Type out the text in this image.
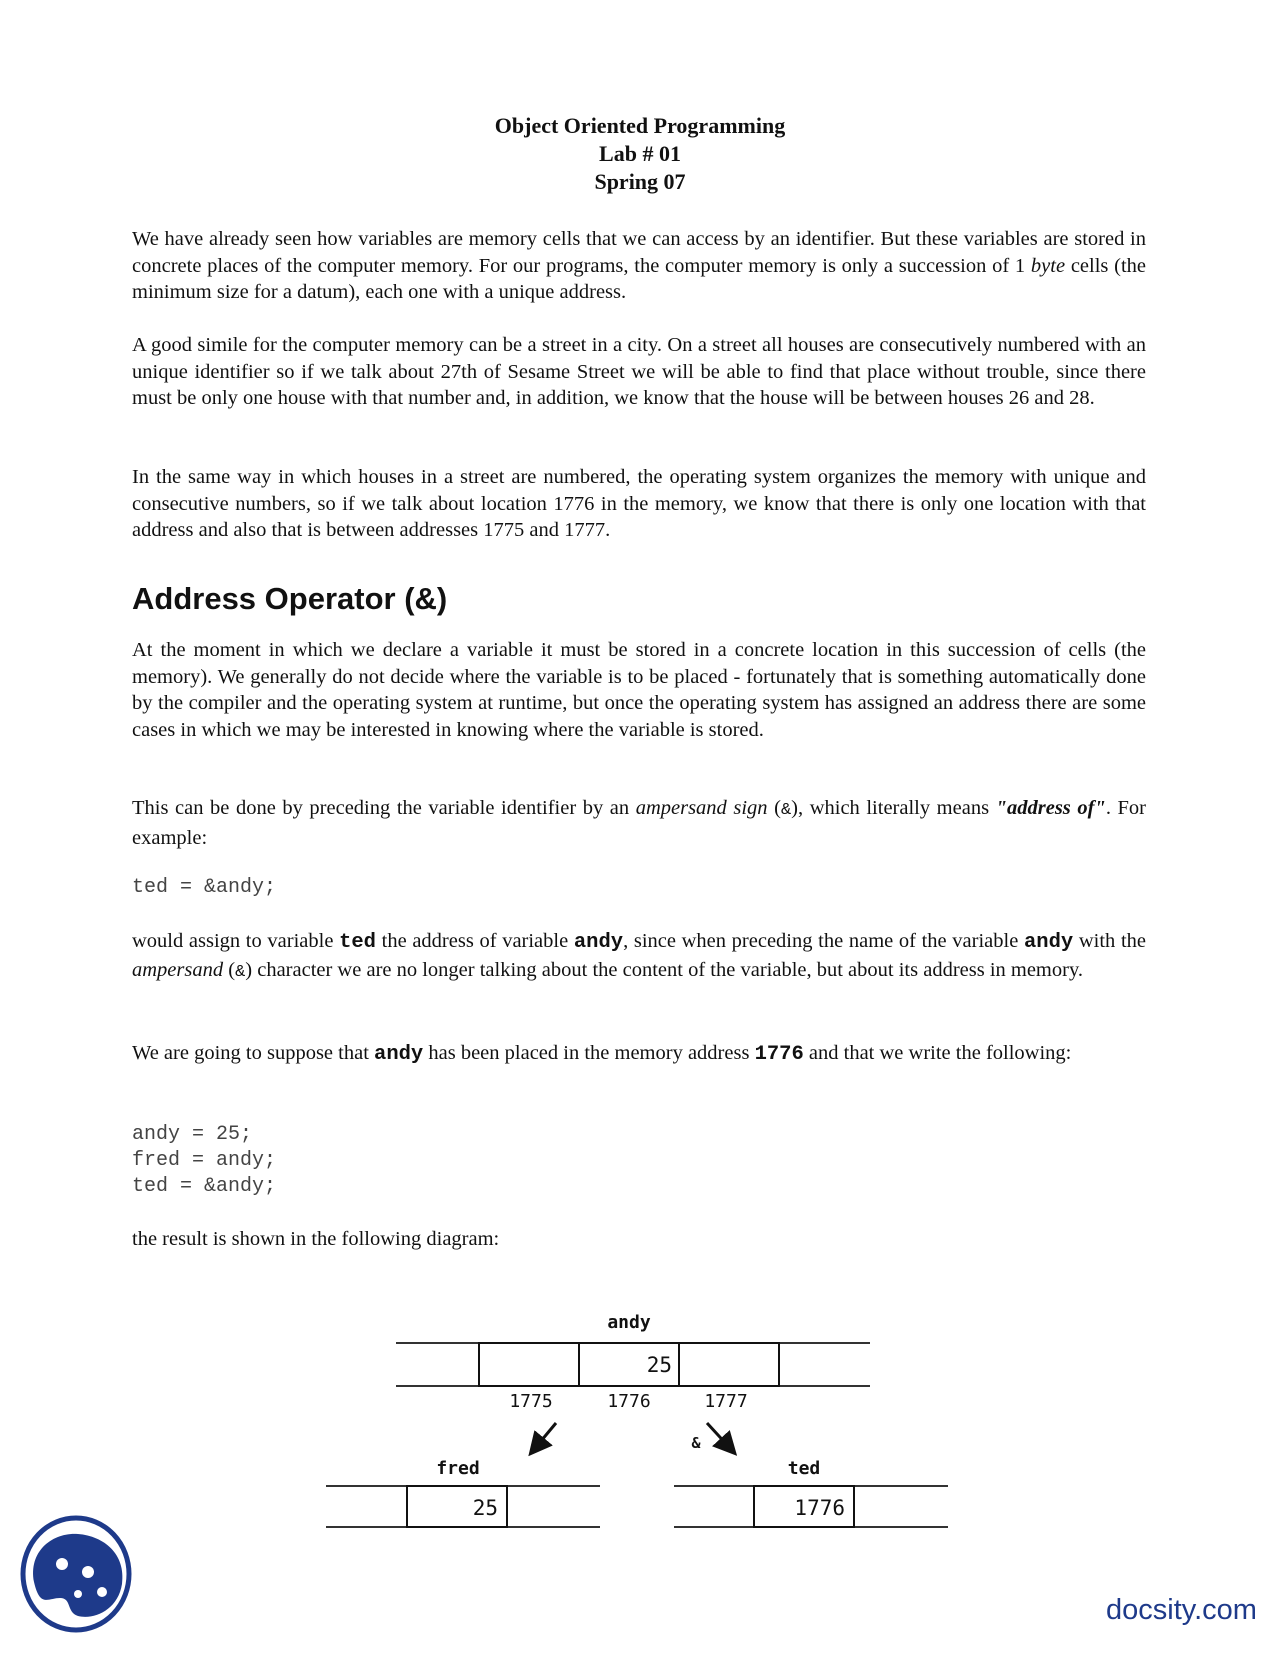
Object Oriented Programming
Lab # 01
Spring 07

We have already seen how variables are memory cells that we can access by an identifier. But these variables are stored in concrete places of the computer memory. For our programs, the computer memory is only a succession of 1 byte cells (the minimum size for a datum), each one with a unique address.

A good simile for the computer memory can be a street in a city. On a street all houses are consecutively numbered with an unique identifier so if we talk about 27th of Sesame Street we will be able to find that place without trouble, since there must be only one house with that number and, in addition, we know that the house will be between houses 26 and 28.

In the same way in which houses in a street are numbered, the operating system organizes the memory with unique and consecutive numbers, so if we talk about location 1776 in the memory, we know that there is only one location with that address and also that is between addresses 1775 and 1777.

Address Operator (&)

At the moment in which we declare a variable it must be stored in a concrete location in this succession of cells (the memory). We generally do not decide where the variable is to be placed - fortunately that is something automatically done by the compiler and the operating system at runtime, but once the operating system has assigned an address there are some cases in which we may be interested in knowing where the variable is stored.

This can be done by preceding the variable identifier by an ampersand sign (&), which literally means "address of". For example:

ted = &andy;

would assign to variable ted the address of variable andy, since when preceding the name of the variable andy with the ampersand (&) character we are no longer talking about the content of the variable, but about its address in memory.

We are going to suppose that andy has been placed in the memory address 1776 and that we write the following:

andy = 25;
fred = andy;
ted = &andy;

the result is shown in the following diagram:

andy
25
1775	1776	1777
&
fred
25
ted
1776
docsity.com
